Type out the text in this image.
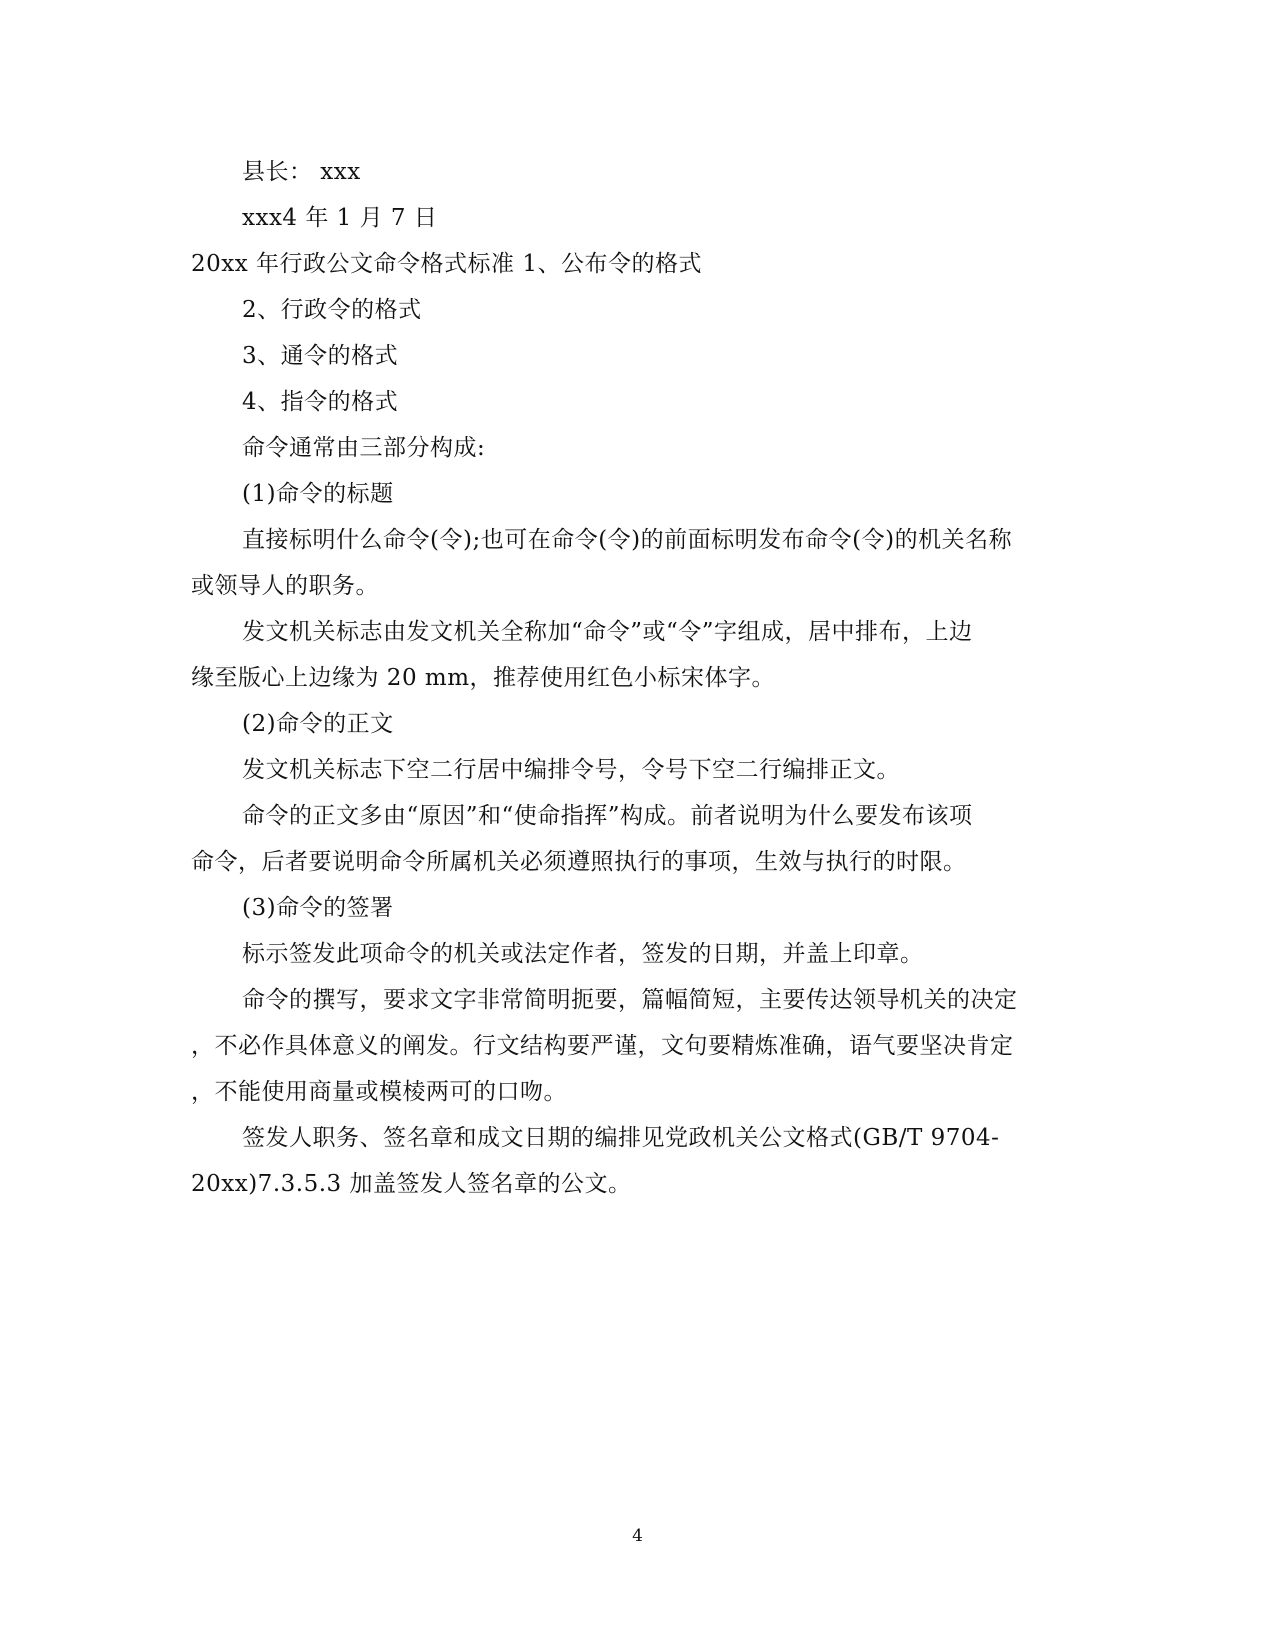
县长： xxx
xxx4 年 1 月 7 日
20xx 年行政公文命令格式标准 1、公布令的格式
2、行政令的格式
3、通令的格式
4、指令的格式
命令通常由三部分构成:
(1)命令的标题
直接标明什么命令(令);也可在命令(令)的前面标明发布命令(令)的机关名称
或领导人的职务。
发文机关标志由发文机关全称加“命令”或“令”字组成，居中排布，上边
缘至版心上边缘为 20 mm，推荐使用红色小标宋体字。
(2)命令的正文
发文机关标志下空二行居中编排令号，令号下空二行编排正文。
命令的正文多由“原因”和“使命指挥”构成。前者说明为什么要发布该项
命令，后者要说明命令所属机关必须遵照执行的事项，生效与执行的时限。
(3)命令的签署
标示签发此项命令的机关或法定作者，签发的日期，并盖上印章。
命令的撰写，要求文字非常简明扼要，篇幅简短，主要传达领导机关的决定
，不必作具体意义的阐发。行文结构要严谨，文句要精炼准确，语气要坚决肯定
，不能使用商量或模棱两可的口吻。
签发人职务、签名章和成文日期的编排见党政机关公文格式(GB/T 9704-
20xx)7.3.5.3 加盖签发人签名章的公文。
4
